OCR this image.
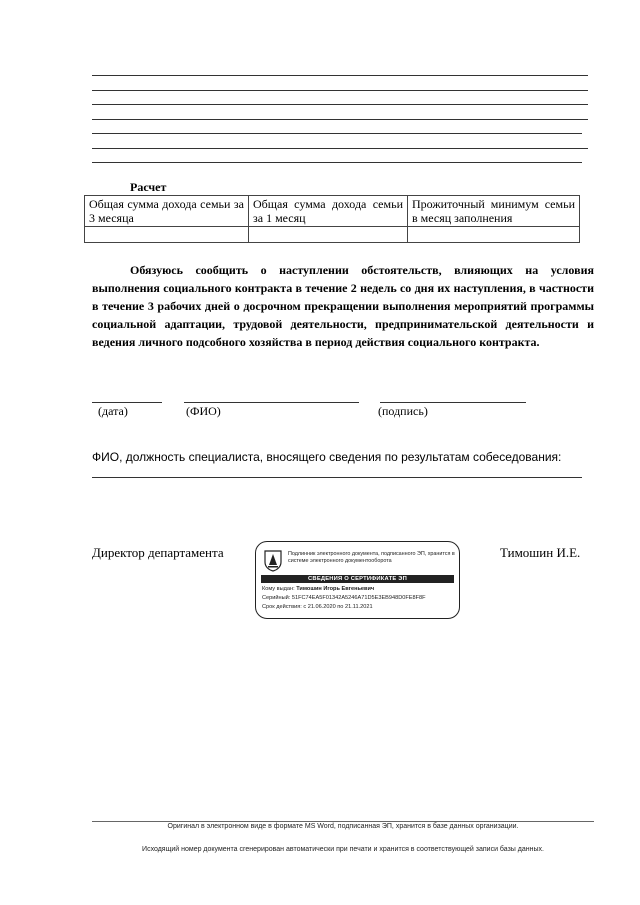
Расчет
Общая сумма дохода семьи за 3 месяца	Общая сумма дохода семьи за 1 месяц	Прожиточный минимум семьи в месяц заполнения

Обязуюсь сообщить о наступлении обстоятельств, влияющих на условия выполнения социального контракта в течение 2 недель со дня их наступления, в частности в течение 3 рабочих дней о досрочном прекращении выполнения мероприятий программы социальной адаптации, трудовой деятельности, предпринимательской деятельности и ведения личного подсобного хозяйства в период действия социального контракта.

(дата)	(ФИО)	(подпись)
ФИО, должность специалиста, вносящего сведения по результатам собеседования:
Директор департамента	Тимошин И.Е.
Подлинник электронного документа, подписанного ЭП, хранится в системе электронного документооборота
СВЕДЕНИЯ О СЕРТИФИКАТЕ ЭП
Кому выдан: Тимошин Игорь Евгеньевич
Серийный: 51FC74EA5F01342A5246A71D5E3EB948D0FE8F8F
Срок действия: с 21.06.2020 по 21.11.2021
Оригинал в электронном виде в формате MS Word, подписанная ЭП, хранится в базе данных организации.
Исходящий номер документа сгенерирован автоматически при печати и хранится в соответствующей записи базы данных.
